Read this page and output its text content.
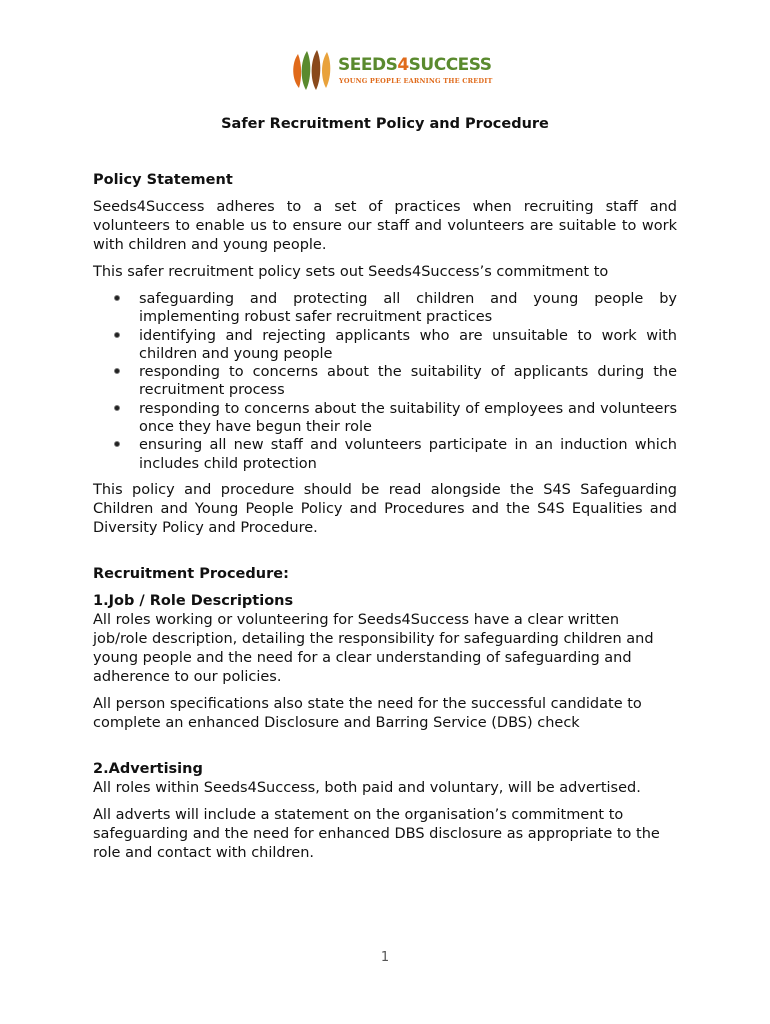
SEEDS4SUCCESS
YOUNG PEOPLE EARNING THE CREDIT
Safer Recruitment Policy and Procedure

Policy Statement

Seeds4Success adheres to a set of practices when recruiting staff and volunteers to enable us to ensure our staff and volunteers are suitable to work with children and young people.

This safer recruitment policy sets out Seeds4Success’s commitment to

safeguarding and protecting all children and young people by implementing robust safer recruitment practices
identifying and rejecting applicants who are unsuitable to work with children and young people
responding to concerns about the suitability of applicants during the recruitment process
responding to concerns about the suitability of employees and volunteers once they have begun their role
ensuring all new staff and volunteers participate in an induction which includes child protection

This policy and procedure should be read alongside the S4S Safeguarding Children and Young People Policy and Procedures and the S4S Equalities and Diversity Policy and Procedure.

Recruitment Procedure:

1.Job / Role Descriptions

All roles working or volunteering for Seeds4Success have a clear written job/role description, detailing the responsibility for safeguarding children and young people and the need for a clear understanding of safeguarding and adherence to our policies.

All person specifications also state the need for the successful candidate to complete an enhanced Disclosure and Barring Service (DBS) check

2.Advertising

All roles within Seeds4Success, both paid and voluntary, will be advertised.

All adverts will include a statement on the organisation’s commitment to safeguarding and the need for enhanced DBS disclosure as appropriate to the role and contact with children.

1
